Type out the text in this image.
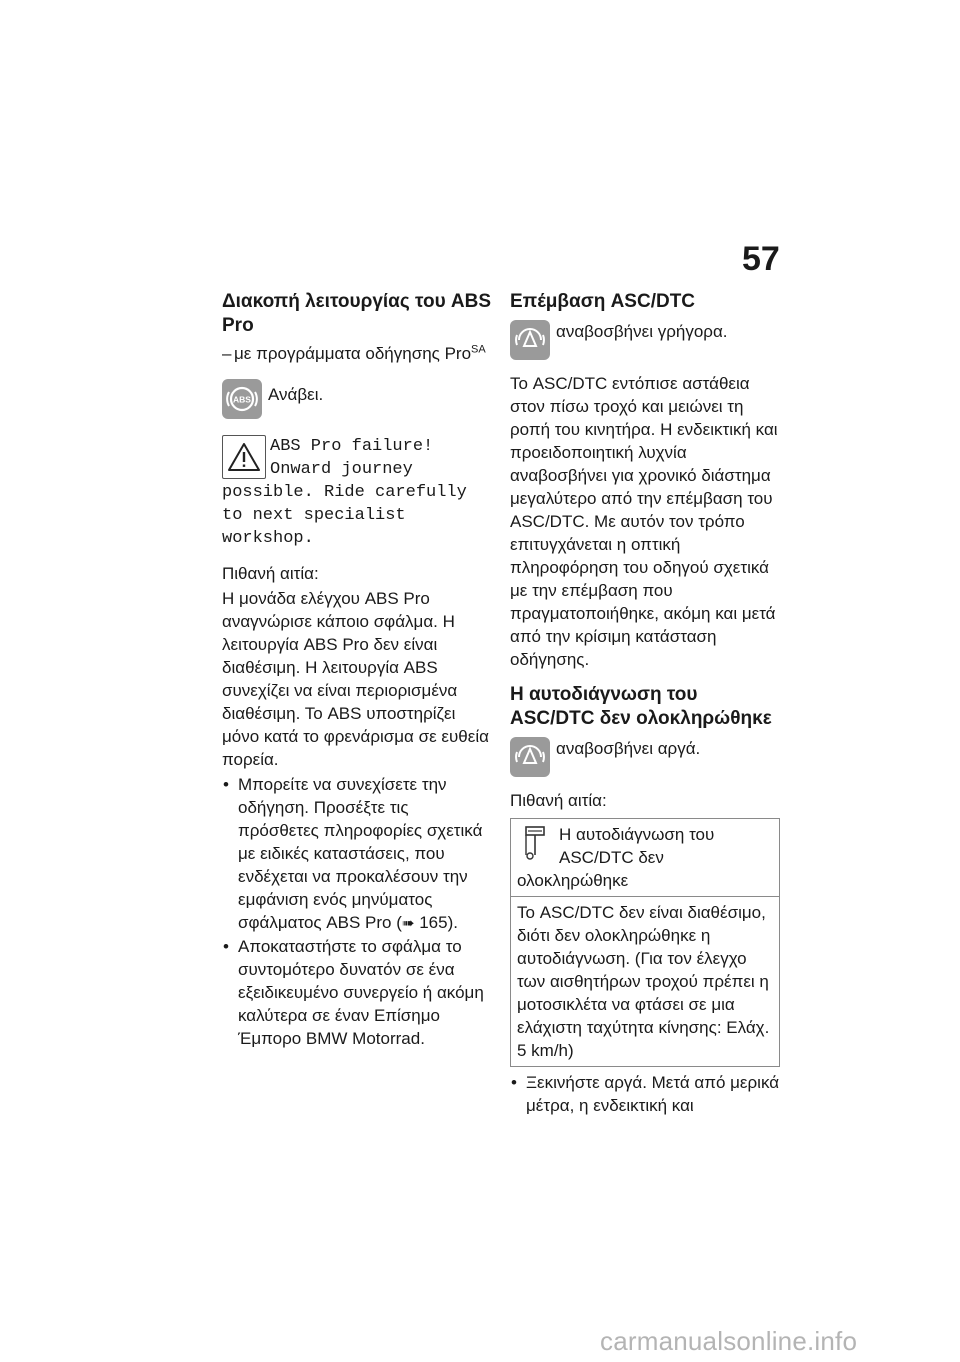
57

Διακοπή λειτουργίας του ABS Pro

– με προγράμματα οδήγησης Pro$^{SA}$
ABS	Ανάβει.
ABS Pro failure! Onward journey possible. Ride carefully to next specialist workshop.

Πιθανή αιτία:

Η μονάδα ελέγχου ABS Pro αναγνώρισε κάποιο σφάλμα. Η λειτουργία ABS Pro δεν είναι διαθέσιμη. Η λειτουργία ABS συνεχίζει να είναι περιορισμένα διαθέσιμη. Το ABS υποστηρίζει μόνο κατά το φρενάρισμα σε ευθεία πορεία.

• Μπορείτε να συνεχίσετε την οδήγηση. Προσέξτε τις πρόσθετες πληροφορίες σχετικά με ειδικές καταστάσεις, που ενδέχεται να προκαλέσουν την εμφάνιση ενός μηνύματος σφάλματος ABS Pro (➠ 165).
• Αποκαταστήστε το σφάλμα το συντομότερο δυνατόν σε ένα εξειδικευμένο συνεργείο ή ακόμη καλύτερα σε έναν Επίσημο Έμπορο BMW Motorrad.

Επέμβαση ASC/DTC

αναβοσβήνει γρήγορα.

Το ASC/DTC εντόπισε αστάθεια στον πίσω τροχό και μειώνει τη ροπή του κινητήρα. Η ενδεικτική και προειδοποιητική λυχνία αναβοσβήνει για χρονικό διάστημα μεγαλύτερο από την επέμβαση του ASC/DTC. Με αυτόν τον τρόπο επιτυγχάνεται η οπτική πληροφόρηση του οδηγού σχετικά με την επέμβαση που πραγματοποιήθηκε, ακόμη και μετά από την κρίσιμη κατάσταση οδήγησης.

Η αυτοδιάγνωση του ASC/DTC δεν ολοκληρώθηκε

αναβοσβήνει αργά.

Πιθανή αιτία:

Η αυτοδιάγνωση του ASC/DTC δεν ολοκληρώθηκε
Το ASC/DTC δεν είναι διαθέσιμο, διότι δεν ολοκληρώθηκε η αυτοδιάγνωση. (Για τον έλεγχο των αισθητήρων τροχού πρέπει η μοτοσικλέτα να φτάσει σε μια ελάχιστη ταχύτητα κίνησης: Ελάχ. 5 km/h)
• Ξεκινήστε αργά. Μετά από μερικά μέτρα, η ενδεικτική και
carmanualsonline.info
